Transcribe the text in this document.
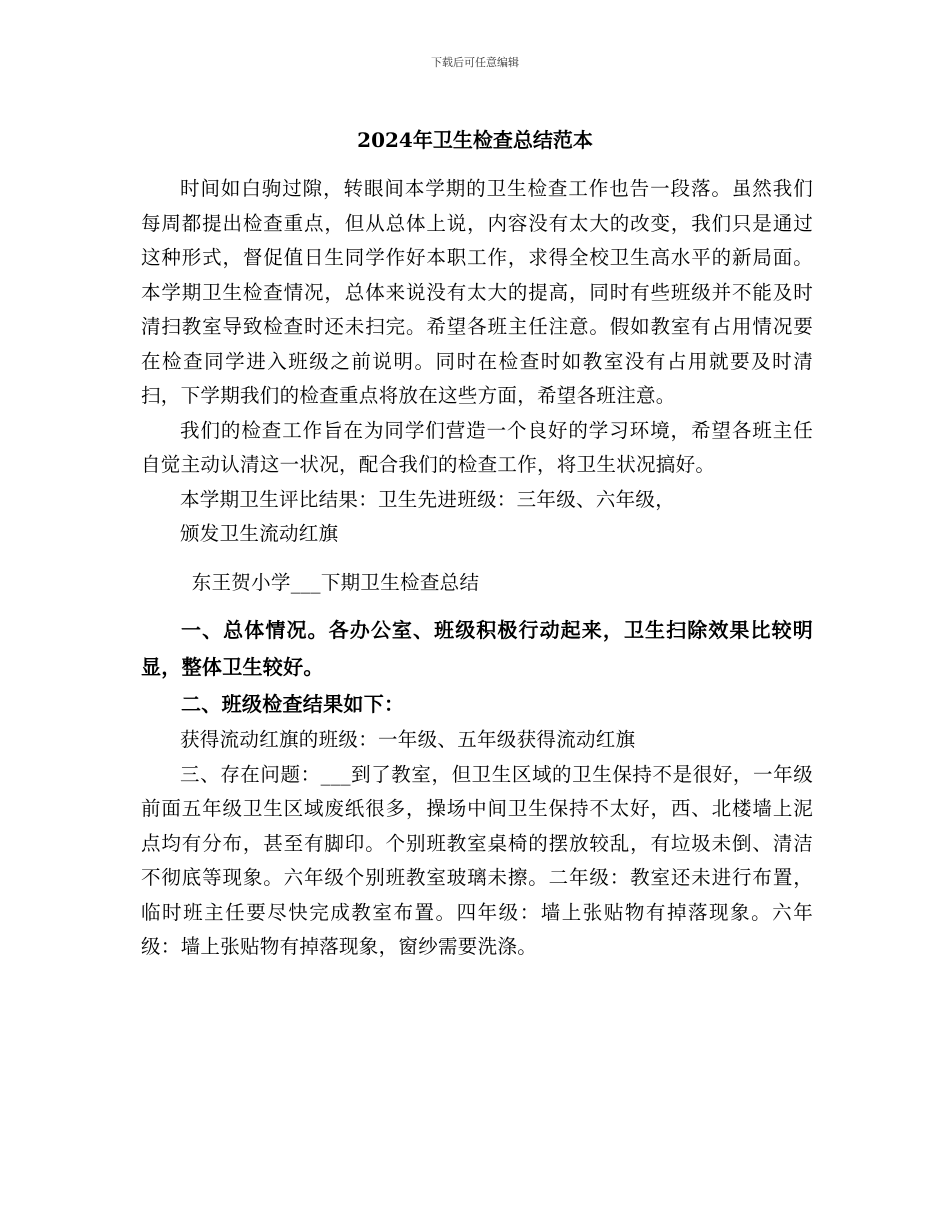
下载后可任意编辑
2024年卫生检查总结范本

时间如白驹过隙，转眼间本学期的卫生检查工作也告一段落。虽然我们每周都提出检查重点，但从总体上说，内容没有太大的改变，我们只是通过这种形式，督促值日生同学作好本职工作，求得全校卫生高水平的新局面。本学期卫生检查情况，总体来说没有太大的提高，同时有些班级并不能及时清扫教室导致检查时还未扫完。希望各班主任注意。假如教室有占用情况要在检查同学进入班级之前说明。同时在检查时如教室没有占用就要及时清扫，下学期我们的检查重点将放在这些方面，希望各班注意。

我们的检查工作旨在为同学们营造一个良好的学习环境，希望各班主任自觉主动认清这一状况，配合我们的检查工作，将卫生状况搞好。

本学期卫生评比结果：卫生先进班级：三年级、六年级，

颁发卫生流动红旗

东王贺小学___下期卫生检查总结

一、总体情况。各办公室、班级积极行动起来，卫生扫除效果比较明显，整体卫生较好。

二、班级检查结果如下：

获得流动红旗的班级：一年级、五年级获得流动红旗

三、存在问题：___到了教室，但卫生区域的卫生保持不是很好，一年级前面五年级卫生区域废纸很多，操场中间卫生保持不太好，西、北楼墙上泥点均有分布，甚至有脚印。个别班教室桌椅的摆放较乱，有垃圾未倒、清洁不彻底等现象。六年级个别班教室玻璃未擦。二年级：教室还未进行布置，临时班主任要尽快完成教室布置。四年级：墙上张贴物有掉落现象。六年级：墙上张贴物有掉落现象，窗纱需要洗涤。
